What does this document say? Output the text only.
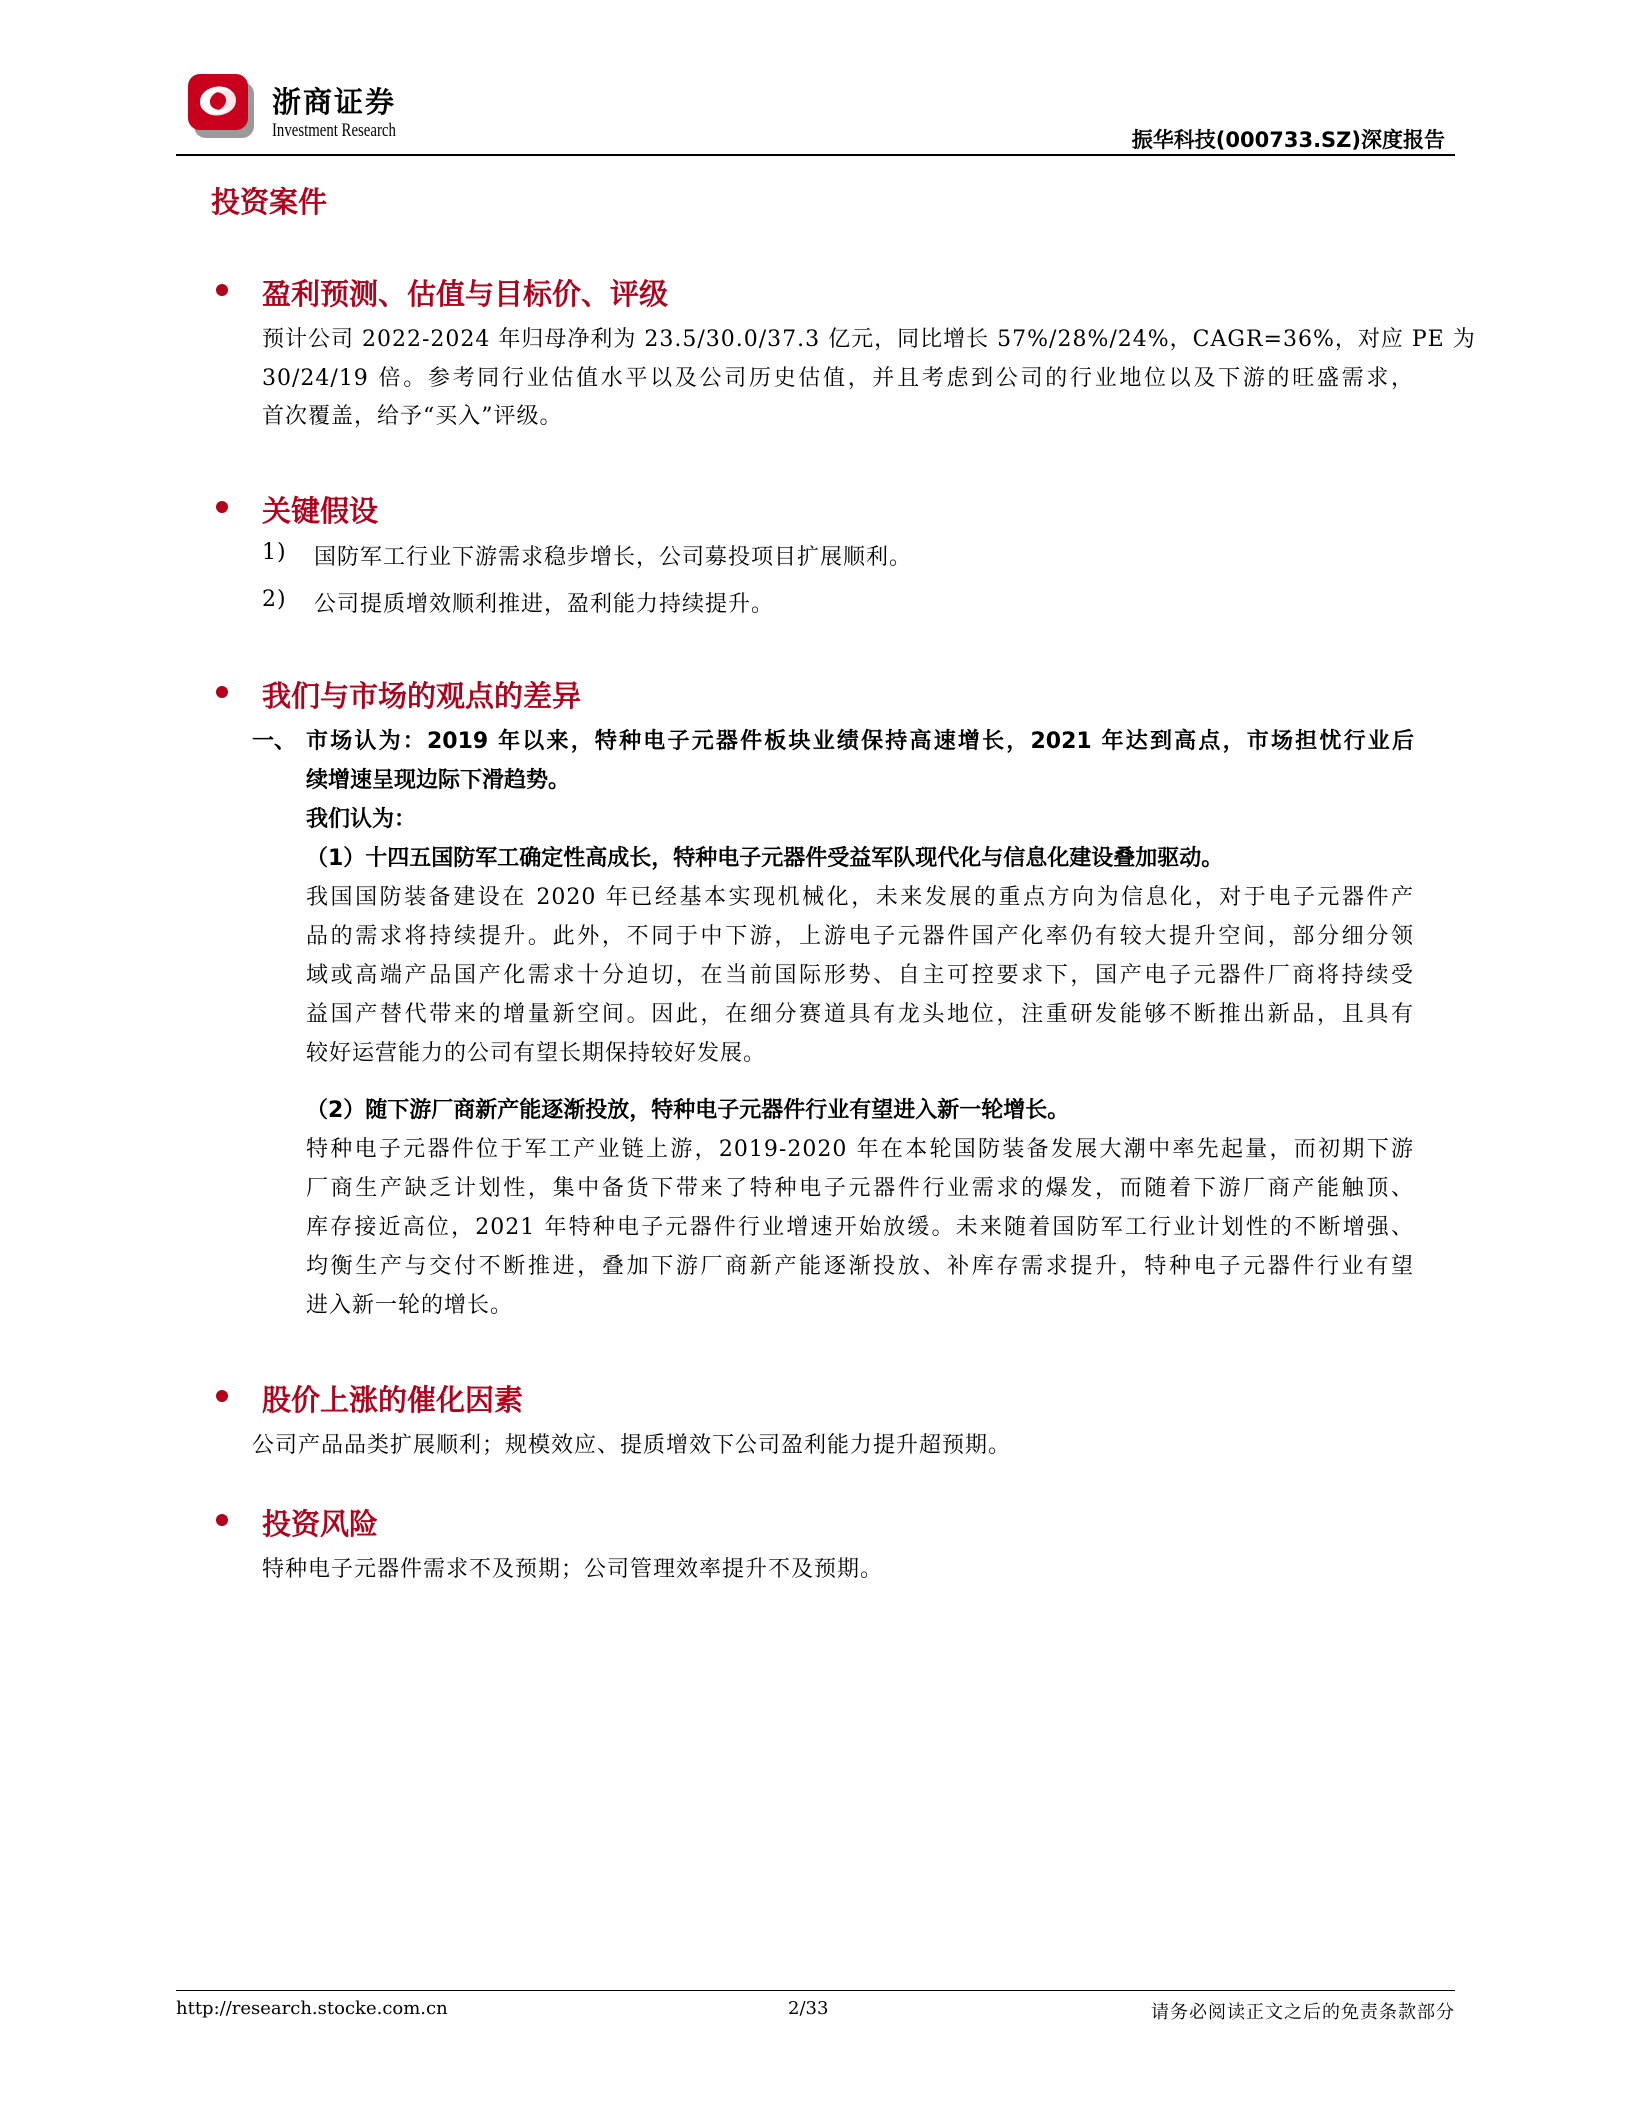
浙商证券
Investment Research	振华科技(000733.SZ)深度报告
投资案件
盈利预测、估值与目标价、评级
预计公司 2022-2024 年归母净利为 23.5/30.0/37.3 亿元，同比增长 57%/28%/24%，CAGR=36%，对应 PE 为
30/24/19 倍。参考同行业估值水平以及公司历史估值，并且考虑到公司的行业地位以及下游的旺盛需求，
首次覆盖，给予“买入”评级。
关键假设
1) 国防军工行业下游需求稳步增长，公司募投项目扩展顺利。
2) 公司提质增效顺利推进，盈利能力持续提升。
我们与市场的观点的差异
一、 市场认为：2019 年以来，特种电子元器件板块业绩保持高速增长，2021 年达到高点，市场担忧行业后
续增速呈现边际下滑趋势。
我们认为：
（1）十四五国防军工确定性高成长，特种电子元器件受益军队现代化与信息化建设叠加驱动。
我国国防装备建设在 2020 年已经基本实现机械化，未来发展的重点方向为信息化，对于电子元器件产
品的需求将持续提升。此外，不同于中下游，上游电子元器件国产化率仍有较大提升空间，部分细分领
域或高端产品国产化需求十分迫切，在当前国际形势、自主可控要求下，国产电子元器件厂商将持续受
益国产替代带来的增量新空间。因此，在细分赛道具有龙头地位，注重研发能够不断推出新品，且具有
较好运营能力的公司有望长期保持较好发展。
（2）随下游厂商新产能逐渐投放，特种电子元器件行业有望进入新一轮增长。
特种电子元器件位于军工产业链上游，2019-2020 年在本轮国防装备发展大潮中率先起量，而初期下游
厂商生产缺乏计划性，集中备货下带来了特种电子元器件行业需求的爆发，而随着下游厂商产能触顶、
库存接近高位，2021 年特种电子元器件行业增速开始放缓。未来随着国防军工行业计划性的不断增强、
均衡生产与交付不断推进，叠加下游厂商新产能逐渐投放、补库存需求提升，特种电子元器件行业有望
进入新一轮的增长。
股价上涨的催化因素
公司产品品类扩展顺利；规模效应、提质增效下公司盈利能力提升超预期。
投资风险
特种电子元器件需求不及预期；公司管理效率提升不及预期。
http://research.stocke.com.cn	2/33	请务必阅读正文之后的免责条款部分
